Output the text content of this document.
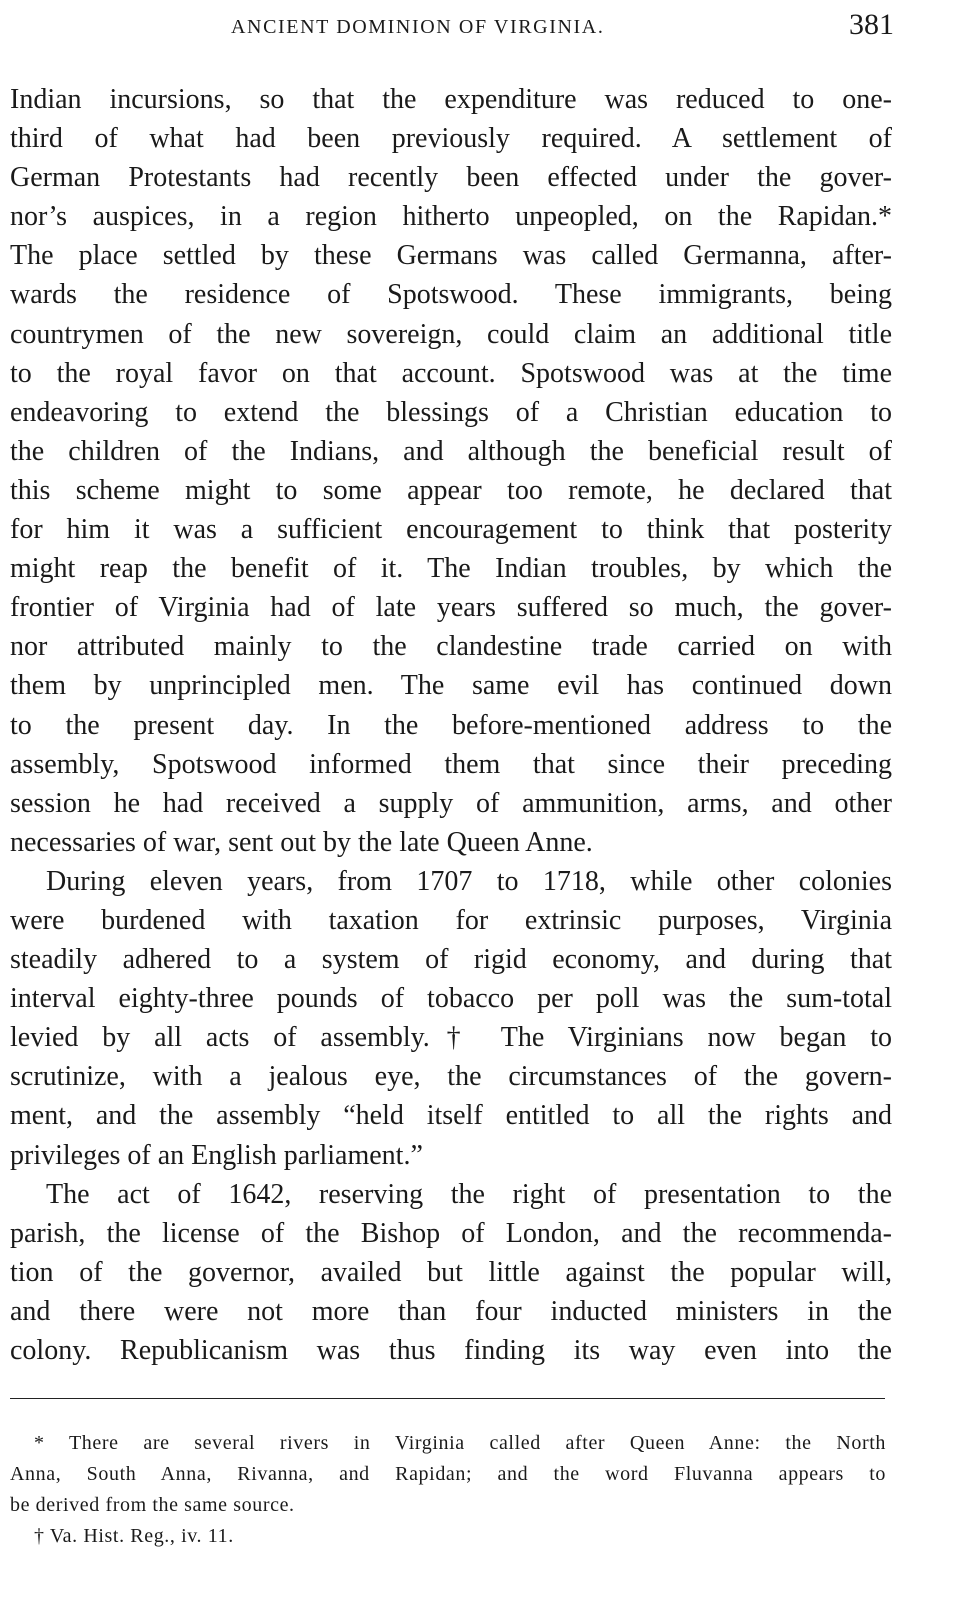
ANCIENT DOMINION OF VIRGINIA.	381
Indian incursions, so that the expenditure was reduced to one-
third of what had been previously required. A settlement of
German Protestants had recently been effected under the gover-
nor’s auspices, in a region hitherto unpeopled, on the Rapidan.*
The place settled by these Germans was called Germanna, after-
wards the residence of Spotswood. These immigrants, being
countrymen of the new sovereign, could claim an additional title
to the royal favor on that account. Spotswood was at the time
endeavoring to extend the blessings of a Christian education to
the children of the Indians, and although the beneficial result of
this scheme might to some appear too remote, he declared that
for him it was a sufficient encouragement to think that posterity
might reap the benefit of it. The Indian troubles, by which the
frontier of Virginia had of late years suffered so much, the gover-
nor attributed mainly to the clandestine trade carried on with
them by unprincipled men. The same evil has continued down
to the present day. In the before-mentioned address to the
assembly, Spotswood informed them that since their preceding
session he had received a supply of ammunition, arms, and other
necessaries of war, sent out by the late Queen Anne.
During eleven years, from 1707 to 1718, while other colonies
were burdened with taxation for extrinsic purposes, Virginia
steadily adhered to a system of rigid economy, and during that
interval eighty-three pounds of tobacco per poll was the sum-total
levied by all acts of assembly.† The Virginians now began to
scrutinize, with a jealous eye, the circumstances of the govern-
ment, and the assembly “held itself entitled to all the rights and
privileges of an English parliament.”
The act of 1642, reserving the right of presentation to the
parish, the license of the Bishop of London, and the recommenda-
tion of the governor, availed but little against the popular will,
and there were not more than four inducted ministers in the
colony. Republicanism was thus finding its way even into the
* There are several rivers in Virginia called after Queen Anne: the North
Anna, South Anna, Rivanna, and Rapidan; and the word Fluvanna appears to
be derived from the same source.
† Va. Hist. Reg., iv. 11.
